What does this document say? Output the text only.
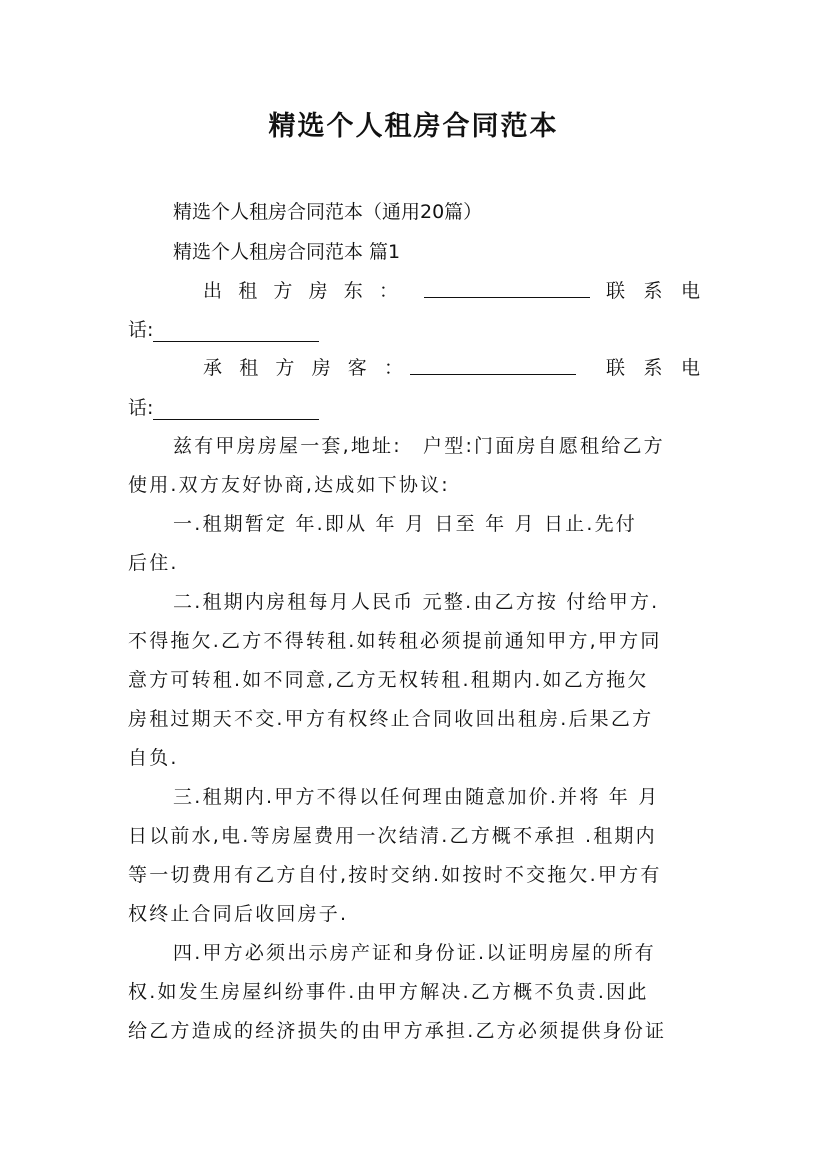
精选个人租房合同范本
精选个人租房合同范本（通用20篇）
精选个人租房合同范本 篇1
出 租 方 房 东 ：	联 系 电
话:
承 租 方 房 客 ：	联 系 电
话:
兹有甲房房屋一套,地址:　户型:门面房自愿租给乙方
使用.双方友好协商,达成如下协议:
一.租期暂定 年.即从 年 月 日至 年 月 日止.先付
后住.
二.租期内房租每月人民币 元整.由乙方按 付给甲方.
不得拖欠.乙方不得转租.如转租必须提前通知甲方,甲方同
意方可转租.如不同意,乙方无权转租.租期内.如乙方拖欠
房租过期天不交.甲方有权终止合同收回出租房.后果乙方
自负.
三.租期内.甲方不得以任何理由随意加价.并将 年 月
日以前水,电.等房屋费用一次结清.乙方概不承担 .租期内
等一切费用有乙方自付,按时交纳.如按时不交拖欠.甲方有
权终止合同后收回房子.
四.甲方必须出示房产证和身份证.以证明房屋的所有
权.如发生房屋纠纷事件.由甲方解决.乙方概不负责.因此
给乙方造成的经济损失的由甲方承担.乙方必须提供身份证
